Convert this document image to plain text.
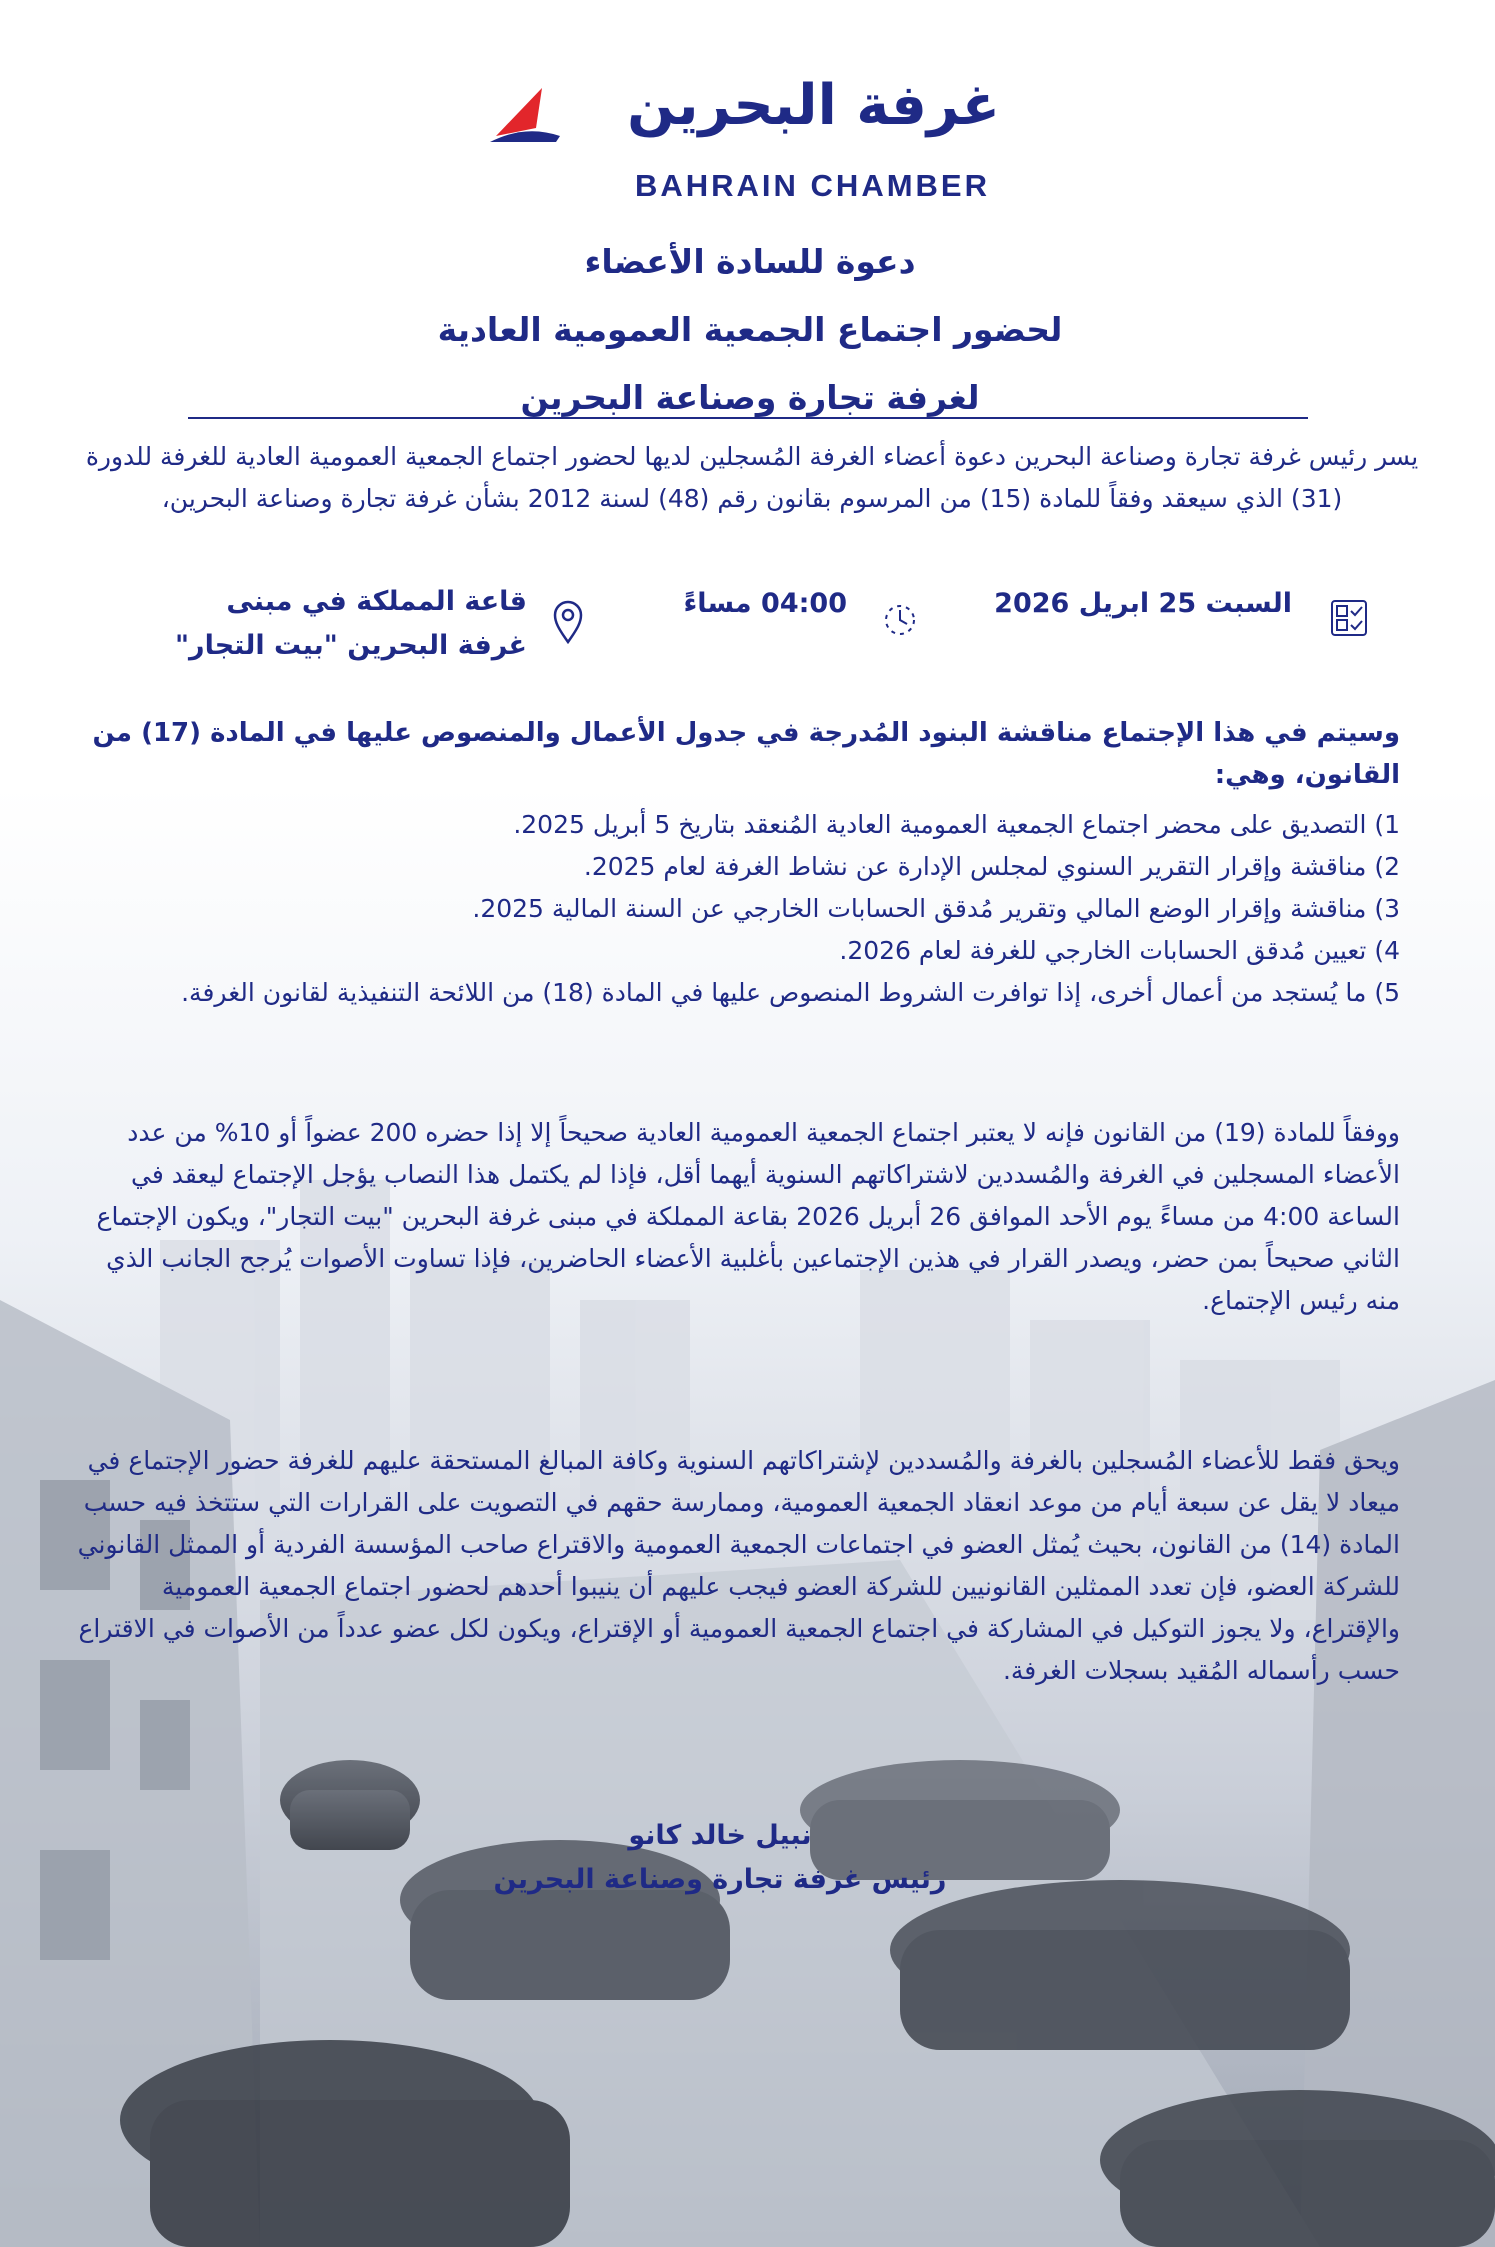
غرفة البحرين
BAHRAIN CHAMBER
دعوة للسادة الأعضاء
لحضور اجتماع الجمعية العمومية العادية
لغرفة تجارة وصناعة البحرين
يسر رئيس غرفة تجارة وصناعة البحرين دعوة أعضاء الغرفة المُسجلين لديها لحضور اجتماع الجمعية العمومية العادية للغرفة للدورة (31) الذي سيعقد وفقاً للمادة (15) من المرسوم بقانون رقم (48) لسنة 2012 بشأن غرفة تجارة وصناعة البحرين،
السبت 25 ابريل 2026
04:00 مساءً
قاعة المملكة في مبنى
غرفة البحرين "بيت التجار"
وسيتم في هذا الإجتماع مناقشة البنود المُدرجة في جدول الأعمال والمنصوص عليها في المادة (17) من القانون، وهي:
1) التصديق على محضر اجتماع الجمعية العمومية العادية المُنعقد بتاريخ 5 أبريل 2025.
2) مناقشة وإقرار التقرير السنوي لمجلس الإدارة عن نشاط الغرفة لعام 2025.
3) مناقشة وإقرار الوضع المالي وتقرير مُدقق الحسابات الخارجي عن السنة المالية 2025.
4) تعيين مُدقق الحسابات الخارجي للغرفة لعام 2026.
5) ما يُستجد من أعمال أخرى، إذا توافرت الشروط المنصوص عليها في المادة (18) من اللائحة التنفيذية لقانون الغرفة.
ووفقاً للمادة (19) من القانون فإنه لا يعتبر اجتماع الجمعية العمومية العادية صحيحاً إلا إذا حضره 200 عضواً أو 10% من عدد الأعضاء المسجلين في الغرفة والمُسددين لاشتراكاتهم السنوية أيهما أقل، فإذا لم يكتمل هذا النصاب يؤجل الإجتماع ليعقد في الساعة 4:00 من مساءً يوم الأحد الموافق 26 أبريل 2026 بقاعة المملكة في مبنى غرفة البحرين "بيت التجار"، ويكون الإجتماع الثاني صحيحاً بمن حضر، ويصدر القرار في هذين الإجتماعين بأغلبية الأعضاء الحاضرين، فإذا تساوت الأصوات يُرجح الجانب الذي منه رئيس الإجتماع.
ويحق فقط للأعضاء المُسجلين بالغرفة والمُسددين لإشتراكاتهم السنوية وكافة المبالغ المستحقة عليهم للغرفة حضور الإجتماع في ميعاد لا يقل عن سبعة أيام من موعد انعقاد الجمعية العمومية، وممارسة حقهم في التصويت على القرارات التي ستتخذ فيه حسب المادة (14) من القانون، بحيث يُمثل العضو في اجتماعات الجمعية العمومية والاقتراع صاحب المؤسسة الفردية أو الممثل القانوني للشركة العضو، فإن تعدد الممثلين القانونيين للشركة العضو فيجب عليهم أن ينيبوا أحدهم لحضور اجتماع الجمعية العمومية والإقتراع، ولا يجوز التوكيل في المشاركة في اجتماع الجمعية العمومية أو الإقتراع، ويكون لكل عضو عدداً من الأصوات في الاقتراع حسب رأسماله المُقيد بسجلات الغرفة.
نبيل خالد كانو
رئيس غرفة تجارة وصناعة البحرين
